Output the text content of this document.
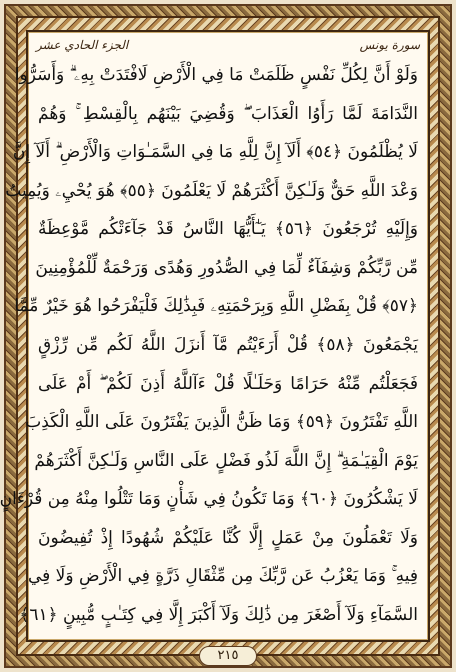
الجزء الحادي عشر	سورة يونس
وَلَوْ أَنَّ لِكُلِّ نَفْسٍ ظَلَمَتْ مَا فِي الْأَرْضِ لَافْتَدَتْ بِهِۦ ۗ وَأَسَرُّوا
النَّدَامَةَ لَمَّا رَأَوُا الْعَذَابَ ۖ وَقُضِيَ بَيْنَهُم بِالْقِسْطِ ۚ وَهُمْ
لَا يُظْلَمُونَ ﴿٥٤﴾ أَلَآ إِنَّ لِلَّهِ مَا فِي السَّمَـٰوَاتِ وَالْأَرْضِ ۗ أَلَآ إِنَّ
وَعْدَ اللَّهِ حَقٌّ وَلَـٰكِنَّ أَكْثَرَهُمْ لَا يَعْلَمُونَ ﴿٥٥﴾ هُوَ يُحْيِۦ وَيُمِيتُ
وَإِلَيْهِ تُرْجَعُونَ ﴿٥٦﴾ يَـٰٓأَيُّهَا النَّاسُ قَدْ جَآءَتْكُم مَّوْعِظَةٌ
مِّن رَّبِّكُمْ وَشِفَآءٌ لِّمَا فِي الصُّدُورِ وَهُدًى وَرَحْمَةٌ لِّلْمُؤْمِنِينَ
﴿٥٧﴾ قُلْ بِفَضْلِ اللَّهِ وَبِرَحْمَتِهِۦ فَبِذَٰلِكَ فَلْيَفْرَحُوا هُوَ خَيْرٌ مِّمَّا
يَجْمَعُونَ ﴿٥٨﴾ قُلْ أَرَءَيْتُم مَّآ أَنزَلَ اللَّهُ لَكُم مِّن رِّزْقٍ
فَجَعَلْتُم مِّنْهُ حَرَامًا وَحَلَـٰلًا قُلْ ءَآللَّهُ أَذِنَ لَكُمْ ۖ أَمْ عَلَى
اللَّهِ تَفْتَرُونَ ﴿٥٩﴾ وَمَا ظَنُّ الَّذِينَ يَفْتَرُونَ عَلَى اللَّهِ الْكَذِبَ
يَوْمَ الْقِيَـٰمَةِ ۗ إِنَّ اللَّهَ لَذُو فَضْلٍ عَلَى النَّاسِ وَلَـٰكِنَّ أَكْثَرَهُمْ
لَا يَشْكُرُونَ ﴿٦٠﴾ وَمَا تَكُونُ فِي شَأْنٍ وَمَا تَتْلُوا مِنْهُ مِن قُرْءَانٍ
وَلَا تَعْمَلُونَ مِنْ عَمَلٍ إِلَّا كُنَّا عَلَيْكُمْ شُهُودًا إِذْ تُفِيضُونَ
فِيهِ ۚ وَمَا يَعْزُبُ عَن رَّبِّكَ مِن مِّثْقَالِ ذَرَّةٍ فِي الْأَرْضِ وَلَا فِي
السَّمَآءِ وَلَآ أَصْغَرَ مِن ذَٰلِكَ وَلَآ أَكْبَرَ إِلَّا فِي كِتَـٰبٍ مُّبِينٍ ﴿٦١﴾
٢١٥
